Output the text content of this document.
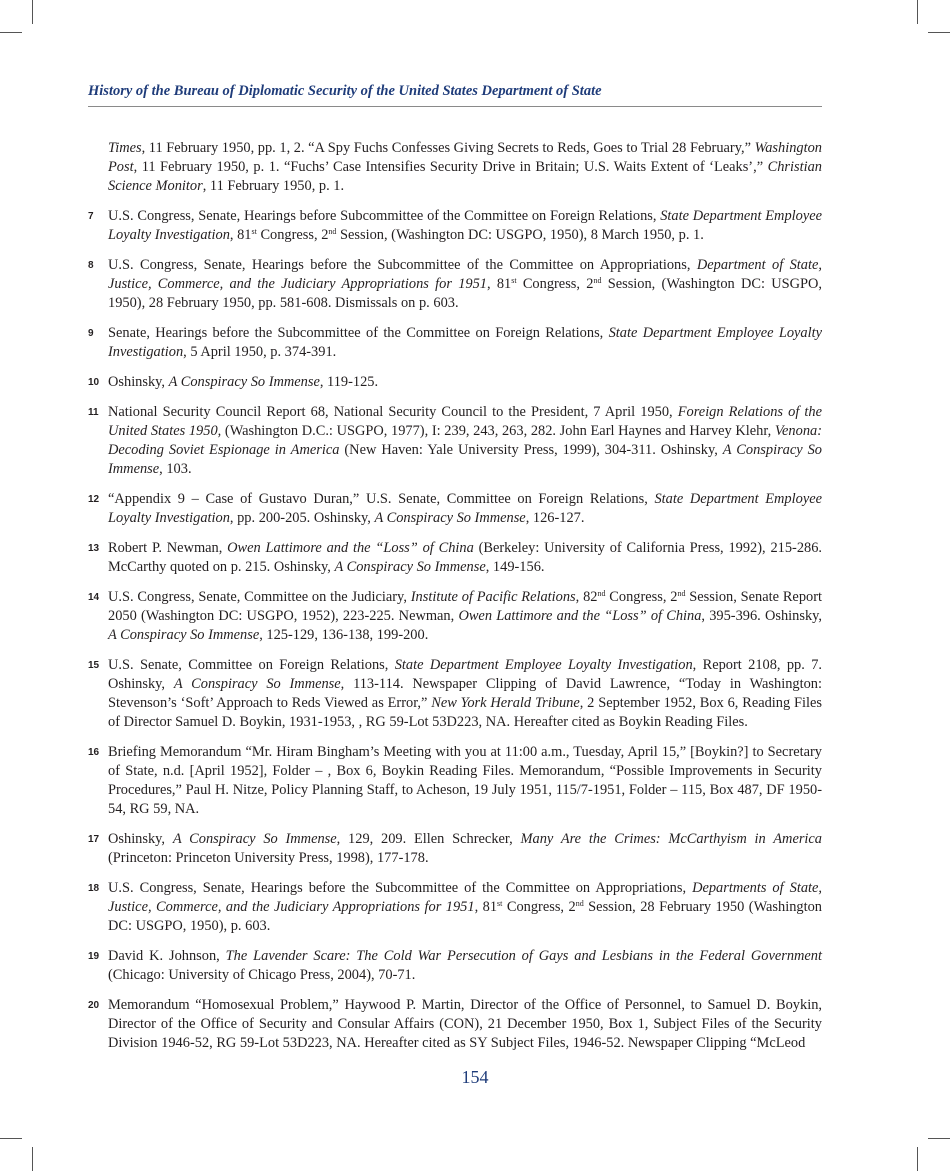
History of the Bureau of Diplomatic Security of the United States Department of State
Times, 11 February 1950, pp. 1, 2. “A Spy Fuchs Confesses Giving Secrets to Reds, Goes to Trial 28 February,” Washington Post, 11 February 1950, p. 1. “Fuchs’ Case Intensifies Security Drive in Britain; U.S. Waits Extent of ‘Leaks’,” Christian Science Monitor, 11 February 1950, p. 1.
7 U.S. Congress, Senate, Hearings before Subcommittee of the Committee on Foreign Relations, State Department Employee Loyalty Investigation, 81st Congress, 2nd Session, (Washington DC: USGPO, 1950), 8 March 1950, p. 1.
8 U.S. Congress, Senate, Hearings before the Subcommittee of the Committee on Appropriations, Department of State, Justice, Commerce, and the Judiciary Appropriations for 1951, 81st Congress, 2nd Session, (Washington DC: USGPO, 1950), 28 February 1950, pp. 581-608. Dismissals on p. 603.
9 Senate, Hearings before the Subcommittee of the Committee on Foreign Relations, State Department Employee Loyalty Investigation, 5 April 1950, p. 374-391.
10 Oshinsky, A Conspiracy So Immense, 119-125.
11 National Security Council Report 68, National Security Council to the President, 7 April 1950, Foreign Relations of the United States 1950, (Washington D.C.: USGPO, 1977), I: 239, 243, 263, 282. John Earl Haynes and Harvey Klehr, Venona: Decoding Soviet Espionage in America (New Haven: Yale University Press, 1999), 304-311. Oshinsky, A Conspiracy So Immense, 103.
12 “Appendix 9 – Case of Gustavo Duran,” U.S. Senate, Committee on Foreign Relations, State Department Employee Loyalty Investigation, pp. 200-205. Oshinsky, A Conspiracy So Immense, 126-127.
13 Robert P. Newman, Owen Lattimore and the “Loss” of China (Berkeley: University of California Press, 1992), 215-286. McCarthy quoted on p. 215. Oshinsky, A Conspiracy So Immense, 149-156.
14 U.S. Congress, Senate, Committee on the Judiciary, Institute of Pacific Relations, 82nd Congress, 2nd Session, Senate Report 2050 (Washington DC: USGPO, 1952), 223-225. Newman, Owen Lattimore and the “Loss” of China, 395-396. Oshinsky, A Conspiracy So Immense, 125-129, 136-138, 199-200.
15 U.S. Senate, Committee on Foreign Relations, State Department Employee Loyalty Investigation, Report 2108, pp. 7. Oshinsky, A Conspiracy So Immense, 113-114. Newspaper Clipping of David Lawrence, “Today in Washington: Stevenson’s ‘Soft’ Approach to Reds Viewed as Error,” New York Herald Tribune, 2 September 1952, Box 6, Reading Files of Director Samuel D. Boykin, 1931-1953, , RG 59-Lot 53D223, NA. Hereafter cited as Boykin Reading Files.
16 Briefing Memorandum “Mr. Hiram Bingham’s Meeting with you at 11:00 a.m., Tuesday, April 15,” [Boykin?] to Secretary of State, n.d. [April 1952], Folder – , Box 6, Boykin Reading Files. Memorandum, “Possible Improvements in Security Procedures,” Paul H. Nitze, Policy Planning Staff, to Acheson, 19 July 1951, 115/7-1951, Folder – 115, Box 487, DF 1950-54, RG 59, NA.
17 Oshinsky, A Conspiracy So Immense, 129, 209. Ellen Schrecker, Many Are the Crimes: McCarthyism in America (Princeton: Princeton University Press, 1998), 177-178.
18 U.S. Congress, Senate, Hearings before the Subcommittee of the Committee on Appropriations, Departments of State, Justice, Commerce, and the Judiciary Appropriations for 1951, 81st Congress, 2nd Session, 28 February 1950 (Washington DC: USGPO, 1950), p. 603.
19 David K. Johnson, The Lavender Scare: The Cold War Persecution of Gays and Lesbians in the Federal Government (Chicago: University of Chicago Press, 2004), 70-71.
20 Memorandum “Homosexual Problem,” Haywood P. Martin, Director of the Office of Personnel, to Samuel D. Boykin, Director of the Office of Security and Consular Affairs (CON), 21 December 1950, Box 1, Subject Files of the Security Division 1946-52, RG 59-Lot 53D223, NA. Hereafter cited as SY Subject Files, 1946-52. Newspaper Clipping “McLeod
154
